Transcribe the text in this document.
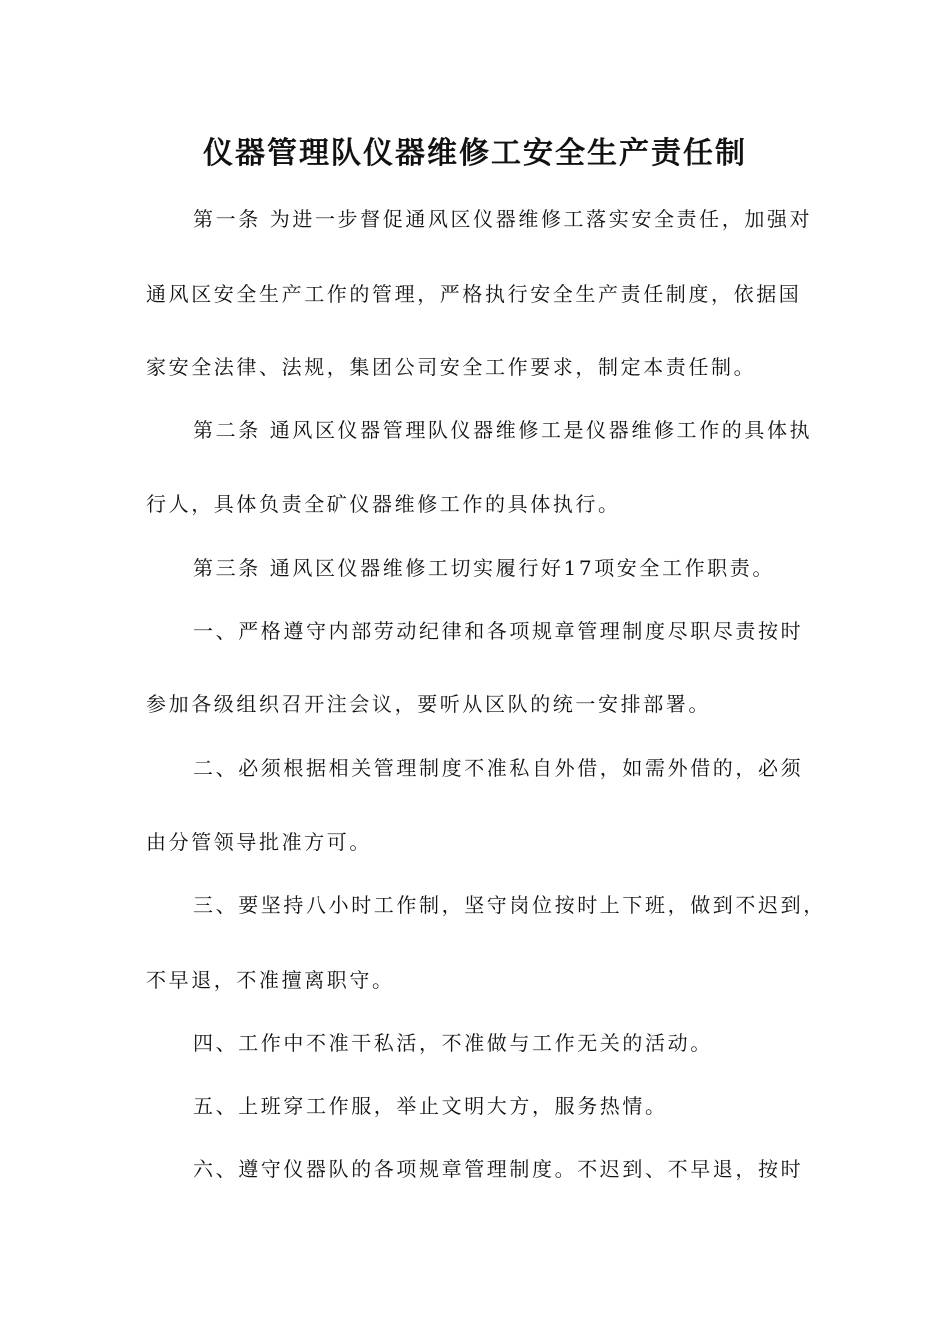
仪器管理队仪器维修工安全生产责任制

第一条 为进一步督促通风区仪器维修工落实安全责任，加强对

通风区安全生产工作的管理，严格执行安全生产责任制度，依据国

家安全法律、法规，集团公司安全工作要求，制定本责任制。

第二条 通风区仪器管理队仪器维修工是仪器维修工作的具体执

行人，具体负责全矿仪器维修工作的具体执行。

第三条 通风区仪器维修工切实履行好17项安全工作职责。

一、严格遵守内部劳动纪律和各项规章管理制度尽职尽责按时

参加各级组织召开注会议，要听从区队的统一安排部署。

二、必须根据相关管理制度不准私自外借，如需外借的，必须

由分管领导批准方可。

三、要坚持八小时工作制，坚守岗位按时上下班，做到不迟到，

不早退，不准擅离职守。

四、工作中不准干私活，不准做与工作无关的活动。

五、上班穿工作服，举止文明大方，服务热情。

六、遵守仪器队的各项规章管理制度。不迟到、不早退，按时
